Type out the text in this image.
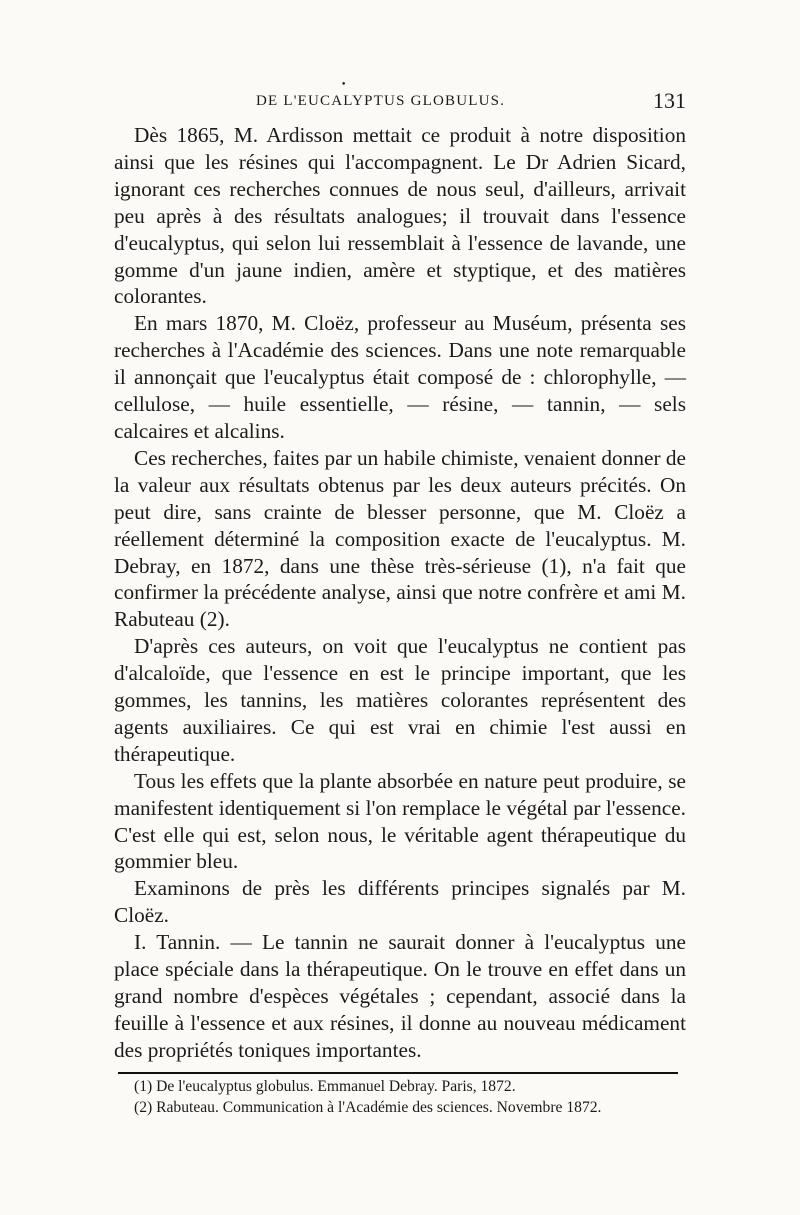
•
DE L'EUCALYPTUS GLOBULUS.	131

Dès 1865, M. Ardisson mettait ce produit à notre disposition ainsi que les résines qui l'accompagnent. Le Dr Adrien Sicard, ignorant ces recherches connues de nous seul, d'ailleurs, arrivait peu après à des résultats analogues; il trouvait dans l'essence d'eucalyptus, qui selon lui ressemblait à l'essence de lavande, une gomme d'un jaune indien, amère et styptique, et des matières colorantes.

En mars 1870, M. Cloëz, professeur au Muséum, présenta ses recherches à l'Académie des sciences. Dans une note remarquable il annonçait que l'eucalyptus était composé de : chlorophylle, — cellulose, — huile essentielle, — résine, — tannin, — sels calcaires et alcalins.

Ces recherches, faites par un habile chimiste, venaient donner de la valeur aux résultats obtenus par les deux auteurs précités. On peut dire, sans crainte de blesser personne, que M. Cloëz a réellement déterminé la composition exacte de l'eucalyptus. M. Debray, en 1872, dans une thèse très-sérieuse (1), n'a fait que confirmer la précédente analyse, ainsi que notre confrère et ami M. Rabuteau (2).

D'après ces auteurs, on voit que l'eucalyptus ne contient pas d'alcaloïde, que l'essence en est le principe important, que les gommes, les tannins, les matières colorantes représentent des agents auxiliaires. Ce qui est vrai en chimie l'est aussi en thérapeutique.

Tous les effets que la plante absorbée en nature peut produire, se manifestent identiquement si l'on remplace le végétal par l'essence. C'est elle qui est, selon nous, le véritable agent thérapeutique du gommier bleu.

Examinons de près les différents principes signalés par M. Cloëz.

I. Tannin. — Le tannin ne saurait donner à l'eucalyptus une place spéciale dans la thérapeutique. On le trouve en effet dans un grand nombre d'espèces végétales ; cependant, associé dans la feuille à l'essence et aux résines, il donne au nouveau médicament des propriétés toniques importantes.

(1) De l'eucalyptus globulus. Emmanuel Debray. Paris, 1872.

(2) Rabuteau. Communication à l'Académie des sciences. Novembre 1872.
